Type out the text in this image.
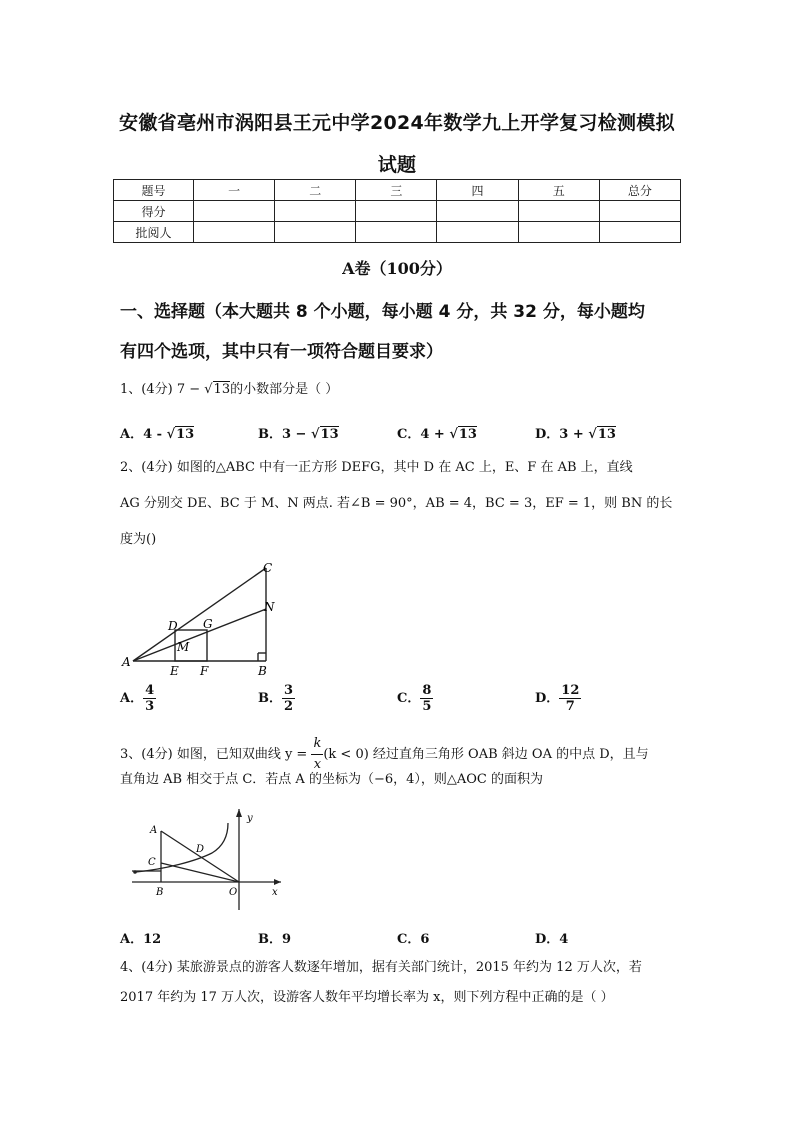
安徽省亳州市涡阳县王元中学2024年数学九上开学复习检测模拟
试题
题号	一	二	三	四	五	总分
得分						
批阅人						
A卷（100分）
一、选择题（本大题共 8 个小题，每小题 4 分，共 32 分，每小题均
有四个选项，其中只有一项符合题目要求）
1、(4分) 7 − √13的小数部分是（ ）
A．4 - √13	B．3 − √13	C．4 + √13	D．3 + √13
2、(4分) 如图的△ABC 中有一正方形 DEFG，其中 D 在 AC 上，E、F 在 AB 上，直线
AG 分别交 DE、BC 于 M、N 两点. 若∠B = 90°，AB = 4，BC = 3，EF = 1，则 BN 的长
度为()
A
B
C
D
E F
G
M
N
A． $\frac{4}{3}$	B． $\frac{3}{2}$	C． $\frac{8}{5}$	D． $\frac{12}{7}$
3、(4分) 如图，已知双曲线 $y = \frac{k}{x} (k < 0)$ 经过直角三角形 OAB 斜边 OA 的中点 D，且与
直角边 AB 相交于点 C．若点 A 的坐标为（−6，4），则△AOC 的面积为
A
B
C
D
O	x
y
A．12	B．9	C．6	D．4
4、(4分) 某旅游景点的游客人数逐年增加，据有关部门统计，2015 年约为 12 万人次，若
2017 年约为 17 万人次，设游客人数年平均增长率为 x，则下列方程中正确的是（ ）
